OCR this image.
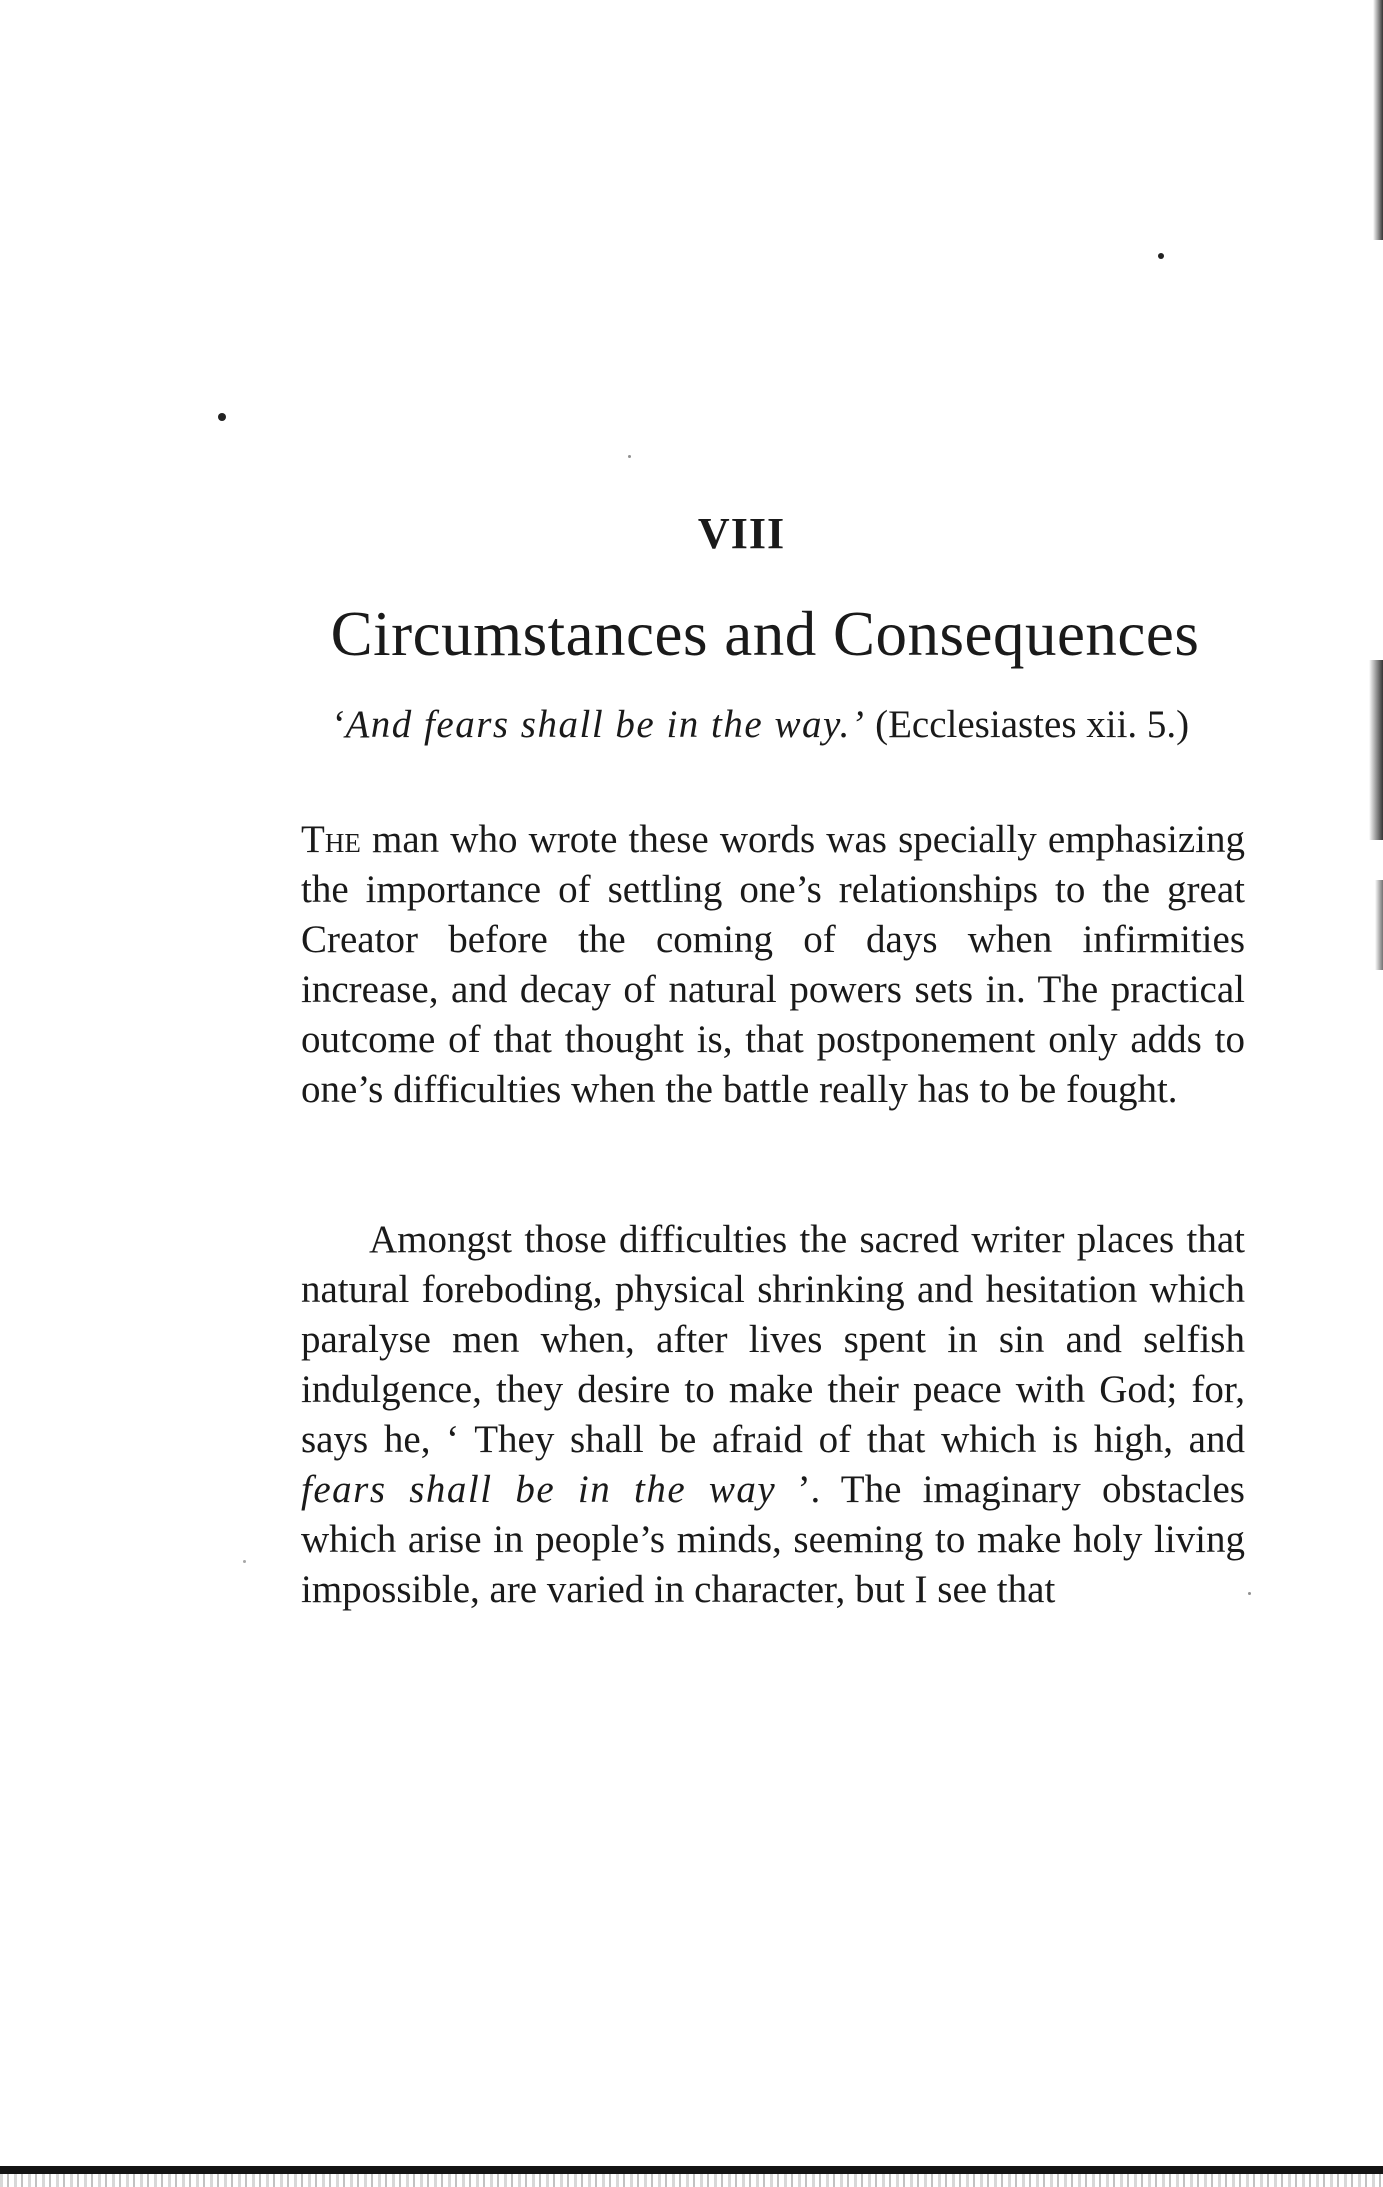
VIII
Circumstances and Consequences
‘And fears shall be in the way.’ (Ecclesiastes xii. 5.)
The man who wrote these words was specially emphasizing the importance of settling one’s relationships to the great Creator before the coming of days when infirmities increase, and decay of natural powers sets in. The practical outcome of that thought is, that postponement only adds to one’s difficulties when the battle really has to be fought.
Amongst those difficulties the sacred writer places that natural foreboding, physical shrinking and hesitation which paralyse men when, after lives spent in sin and selfish indulgence, they desire to make their peace with God; for, says he, ‘ They shall be afraid of that which is high, and fears shall be in the way ’. The imaginary obstacles which arise in people’s minds, seeming to make holy living impossible, are varied in character, but I see that
